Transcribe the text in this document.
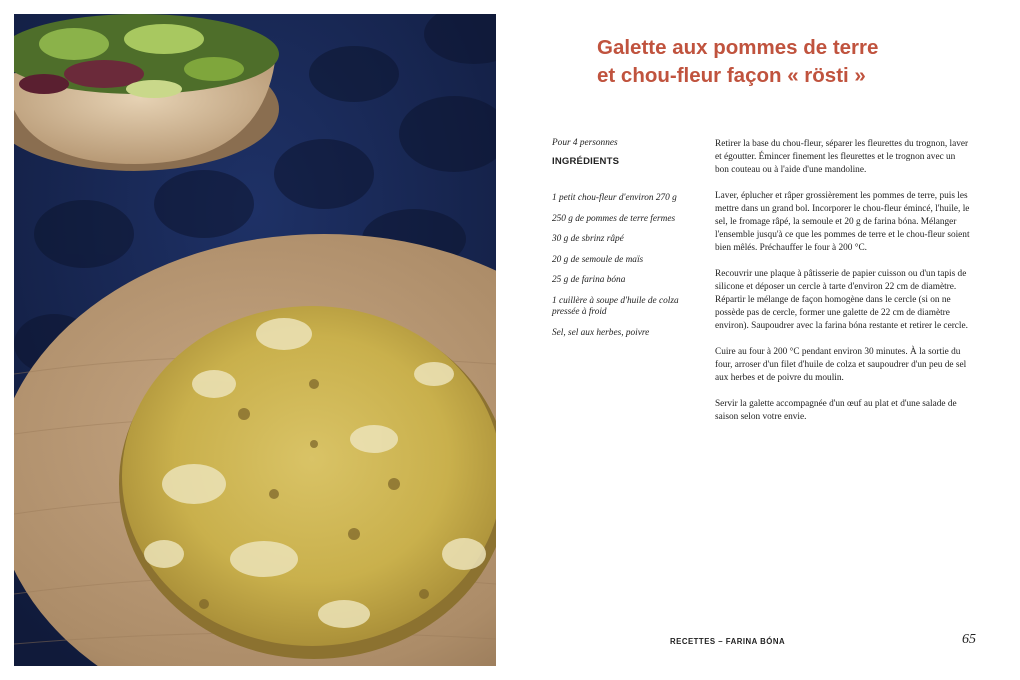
Galette aux pommes de terre
et chou-fleur façon « rösti »

Pour 4 personnes

INGRÉDIENTS

1 petit chou-fleur d'environ 270 g

250 g de pommes de terre fermes

30 g de sbrinz râpé

20 g de semoule de maïs

25 g de farina bóna

1 cuillère à soupe d'huile de colza pressée à froid

Sel, sel aux herbes, poivre

Retirer la base du chou-fleur, séparer les fleurettes du trognon, laver et égoutter. Émincer finement les fleurettes et le trognon avec un bon couteau ou à l'aide d'une mandoline.

Laver, éplucher et râper grossièrement les pommes de terre, puis les mettre dans un grand bol. Incorporer le chou-fleur émincé, l'huile, le sel, le fromage râpé, la semoule et 20 g de farina bóna. Mélanger l'ensemble jusqu'à ce que les pommes de terre et le chou-fleur soient bien mêlés. Préchauffer le four à 200 °C.

Recouvrir une plaque à pâtisserie de papier cuisson ou d'un tapis de silicone et déposer un cercle à tarte d'environ 22 cm de diamètre. Répartir le mélange de façon homogène dans le cercle (si on ne possède pas de cercle, former une galette de 22 cm de diamètre environ). Saupoudrer avec la farina bóna restante et retirer le cercle.

Cuire au four à 200 °C pendant environ 30 minutes. À la sortie du four, arroser d'un filet d'huile de colza et saupoudrer d'un peu de sel aux herbes et de poivre du moulin.

Servir la galette accompagnée d'un œuf au plat et d'une salade de saison selon votre envie.

RECETTES – FARINA BÓNA	65
